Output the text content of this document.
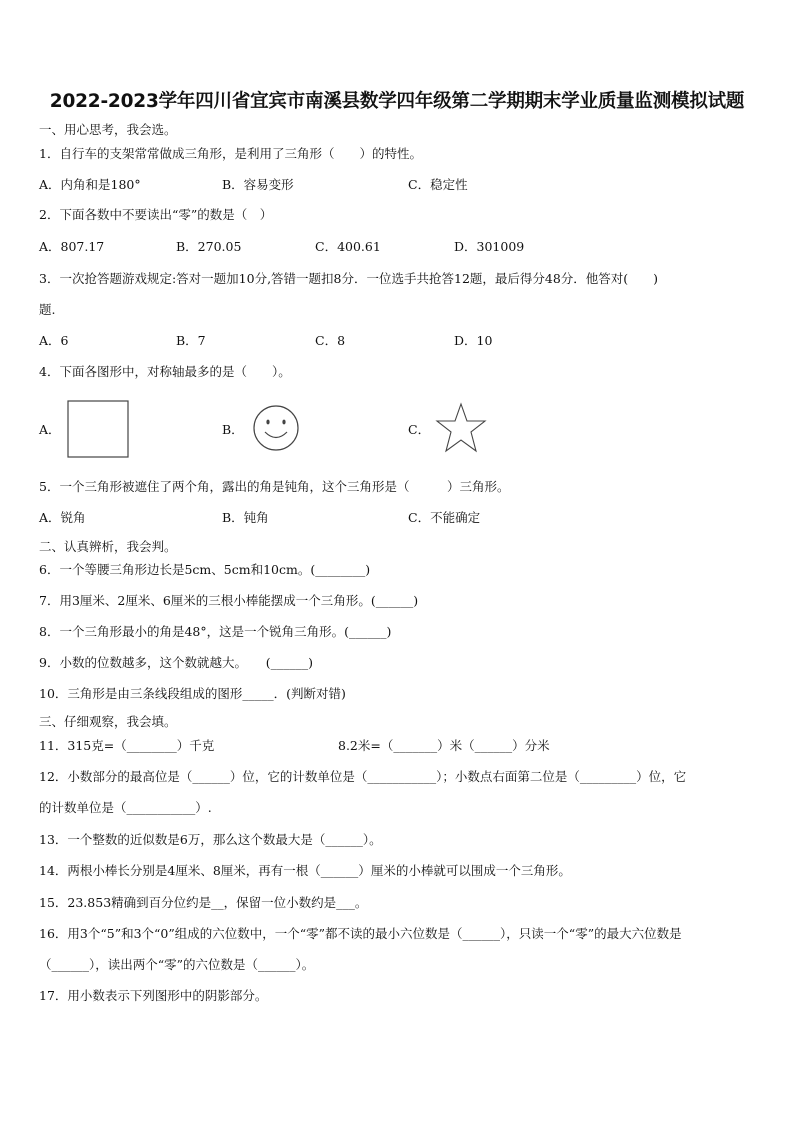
2022-2023学年四川省宜宾市南溪县数学四年级第二学期期末学业质量监测模拟试题
一、用心思考，我会选。
1．自行车的支架常常做成三角形，是利用了三角形（　　）的特性。
A．内角和是180°	B．容易变形	C．稳定性
2．下面各数中不要读出“零”的数是（　）
A．807.17	B．270.05	C．400.61	D．301009
3．一次抢答题游戏规定:答对一题加10分,答错一题扣8分．一位选手共抢答12题，最后得分48分．他答对(　　)
题.
A．6	B．7	C．8	D．10
4．下面各图形中，对称轴最多的是（　　）。
A．	B．	C．
5．一个三角形被遮住了两个角，露出的角是钝角，这个三角形是（　　　）三角形。
A．锐角	B．钝角	C．不能确定
二、认真辨析，我会判。
6．一个等腰三角形边长是5cm、5cm和10cm。(________)
7．用3厘米、2厘米、6厘米的三根小棒能摆成一个三角形。(______)
8．一个三角形最小的角是48°，这是一个锐角三角形。(______)
9．小数的位数越多，这个数就越大。　　(______)
10．三角形是由三条线段组成的图形_____．(判断对错)
三、仔细观察，我会填。
11．315克=（________）千克	8.2米=（_______）米（______）分米
12．小数部分的最高位是（______）位，它的计数单位是（___________）；小数点右面第二位是（_________）位，它
的计数单位是（___________）.
13．一个整数的近似数是6万，那么这个数最大是（______）。
14．两根小棒长分别是4厘米、8厘米，再有一根（______）厘米的小棒就可以围成一个三角形。
15．23.853精确到百分位约是__，保留一位小数约是___。
16．用3个“5”和3个“0”组成的六位数中，一个“零”都不读的最小六位数是（______），只读一个“零”的最大六位数是
（______），读出两个“零”的六位数是（______）。
17．用小数表示下列图形中的阴影部分。
